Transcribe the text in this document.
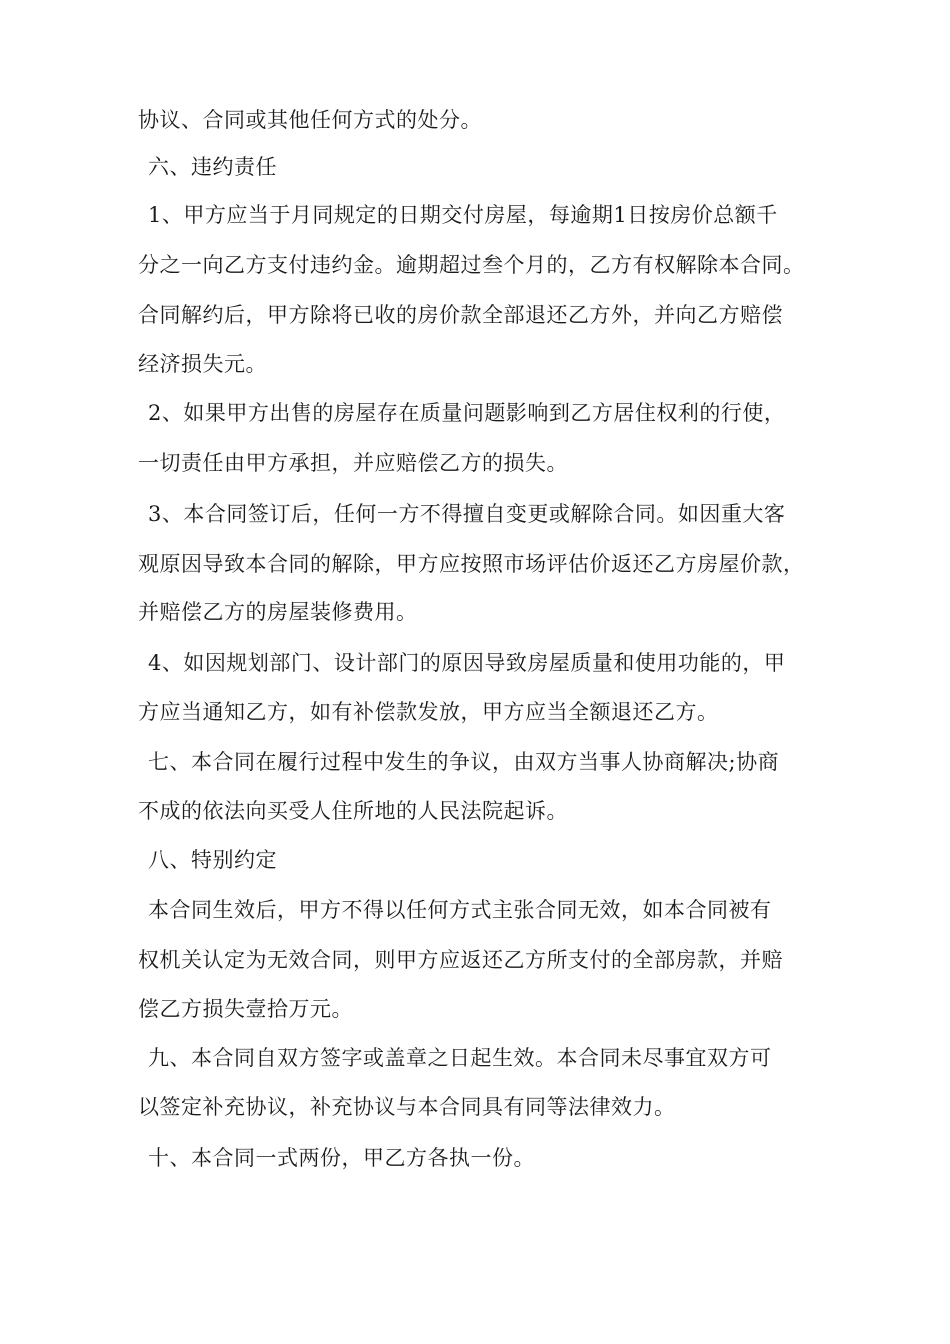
协议、合同或其他任何方式的处分。
六、违约责任
1、甲方应当于月同规定的日期交付房屋，每逾期1日按房价总额千
分之一向乙方支付违约金。逾期超过叁个月的，乙方有权解除本合同。
合同解约后，甲方除将已收的房价款全部退还乙方外，并向乙方赔偿
经济损失元。
2、如果甲方出售的房屋存在质量问题影响到乙方居住权利的行使，
一切责任由甲方承担，并应赔偿乙方的损失。
3、本合同签订后，任何一方不得擅自变更或解除合同。如因重大客
观原因导致本合同的解除，甲方应按照市场评估价返还乙方房屋价款，
并赔偿乙方的房屋装修费用。
4、如因规划部门、设计部门的原因导致房屋质量和使用功能的，甲
方应当通知乙方，如有补偿款发放，甲方应当全额退还乙方。
七、本合同在履行过程中发生的争议，由双方当事人协商解决;协商
不成的依法向买受人住所地的人民法院起诉。
八、特别约定
本合同生效后，甲方不得以任何方式主张合同无效，如本合同被有
权机关认定为无效合同，则甲方应返还乙方所支付的全部房款，并赔
偿乙方损失壹拾万元。
九、本合同自双方签字或盖章之日起生效。本合同未尽事宜双方可
以签定补充协议，补充协议与本合同具有同等法律效力。
十、本合同一式两份，甲乙方各执一份。
